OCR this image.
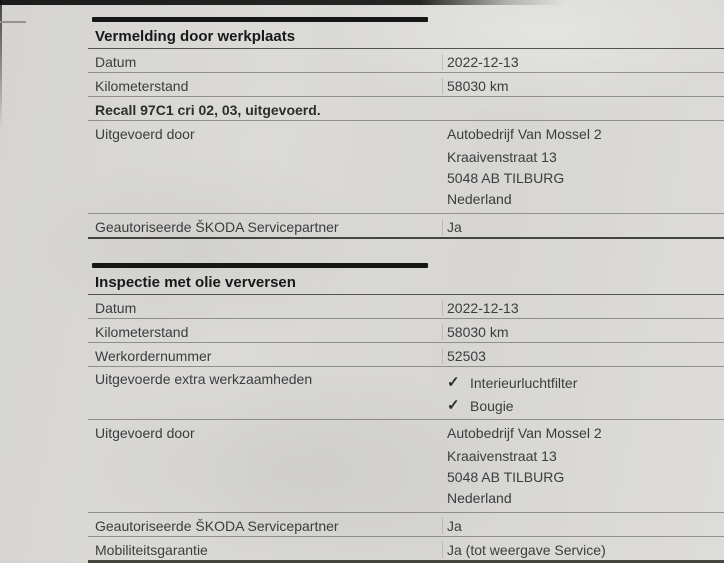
Vermelding door werkplaats
Datum	2022-12-13
Kilometerstand	58030 km
Recall 97C1 cri 02, 03, uitgevoerd.
Uitgevoerd door	Autobedrijf Van Mossel 2
Kraaivenstraat 13
5048 AB TILBURG
Nederland
Geautoriseerde ŠKODA Servicepartner	Ja
Inspectie met olie verversen
Datum	2022-12-13
Kilometerstand	58030 km
Werkordernummer	52503
Uitgevoerde extra werkzaamheden	✓ Interieurluchtfilter
✓ Bougie
Uitgevoerd door	Autobedrijf Van Mossel 2
Kraaivenstraat 13
5048 AB TILBURG
Nederland
Geautoriseerde ŠKODA Servicepartner	Ja
Mobiliteitsgarantie	Ja (tot weergave Service)
